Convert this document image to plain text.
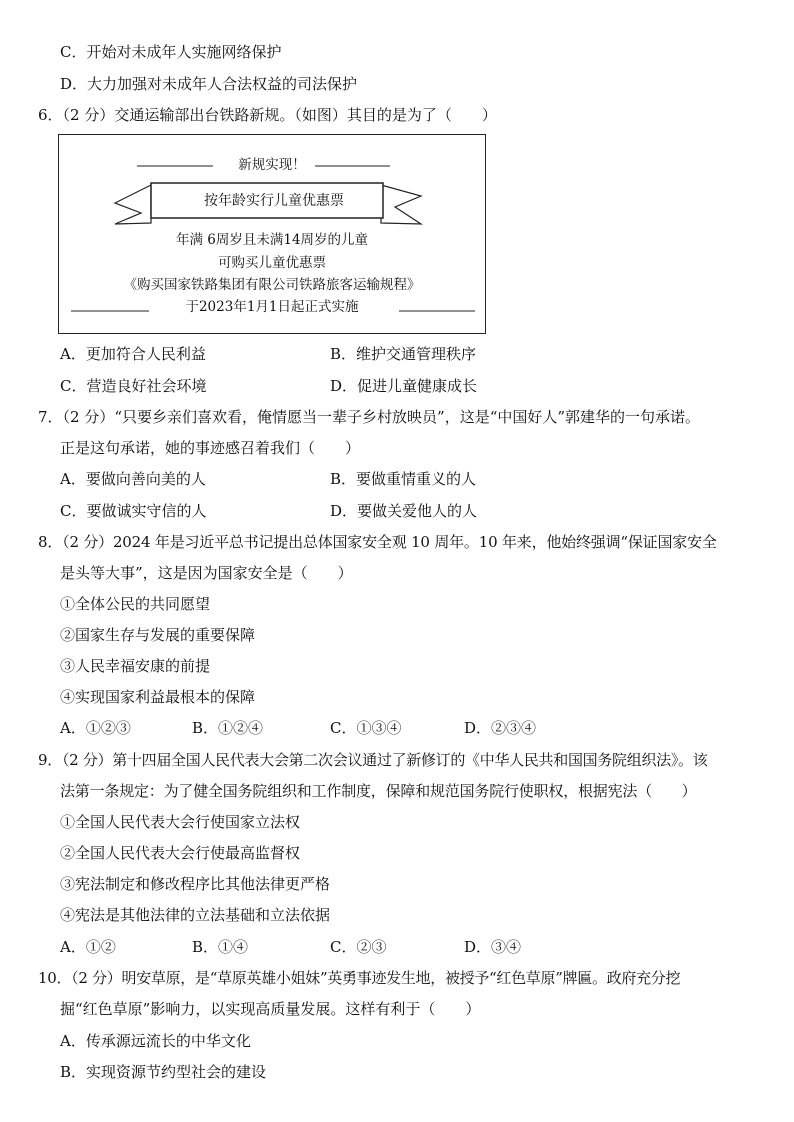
C．开始对未成年人实施网络保护
D．大力加强对未成年人合法权益的司法保护
6．（2 分）交通运输部出台铁路新规。（如图）其目的是为了（　　）
新规实现！
按年龄实行儿童优惠票
年满 6周岁且未满14周岁的儿童
可购买儿童优惠票
《购买国家铁路集团有限公司铁路旅客运输规程》
于2023年1月1日起正式实施
A．更加符合人民利益	B．维护交通管理秩序
C．营造良好社会环境	D．促进儿童健康成长
7．（2 分）“只要乡亲们喜欢看，俺情愿当一辈子乡村放映员”，这是“中国好人”郭建华的一句承诺。
正是这句承诺，她的事迹感召着我们（　　）
A．要做向善向美的人	B．要做重情重义的人
C．要做诚实守信的人	D．要做关爱他人的人
8．（2 分）2024 年是习近平总书记提出总体国家安全观 10 周年。10 年来，他始终强调“保证国家安全
是头等大事”，这是因为国家安全是（　　）
①全体公民的共同愿望
②国家生存与发展的重要保障
③人民幸福安康的前提
④实现国家利益最根本的保障
A．①②③	B．①②④	C．①③④	D．②③④
9．（2 分）第十四届全国人民代表大会第二次会议通过了新修订的《中华人民共和国国务院组织法》。该
法第一条规定：为了健全国务院组织和工作制度，保障和规范国务院行使职权，根据宪法（　　）
①全国人民代表大会行使国家立法权
②全国人民代表大会行使最高监督权
③宪法制定和修改程序比其他法律更严格
④宪法是其他法律的立法基础和立法依据
A．①②	B．①④	C．②③	D．③④
10．（2 分）明安草原，是“草原英雄小姐妹”英勇事迹发生地，被授予“红色草原”牌匾。政府充分挖
掘“红色草原”影响力，以实现高质量发展。这样有利于（　　）
A．传承源远流长的中华文化
B．实现资源节约型社会的建设
